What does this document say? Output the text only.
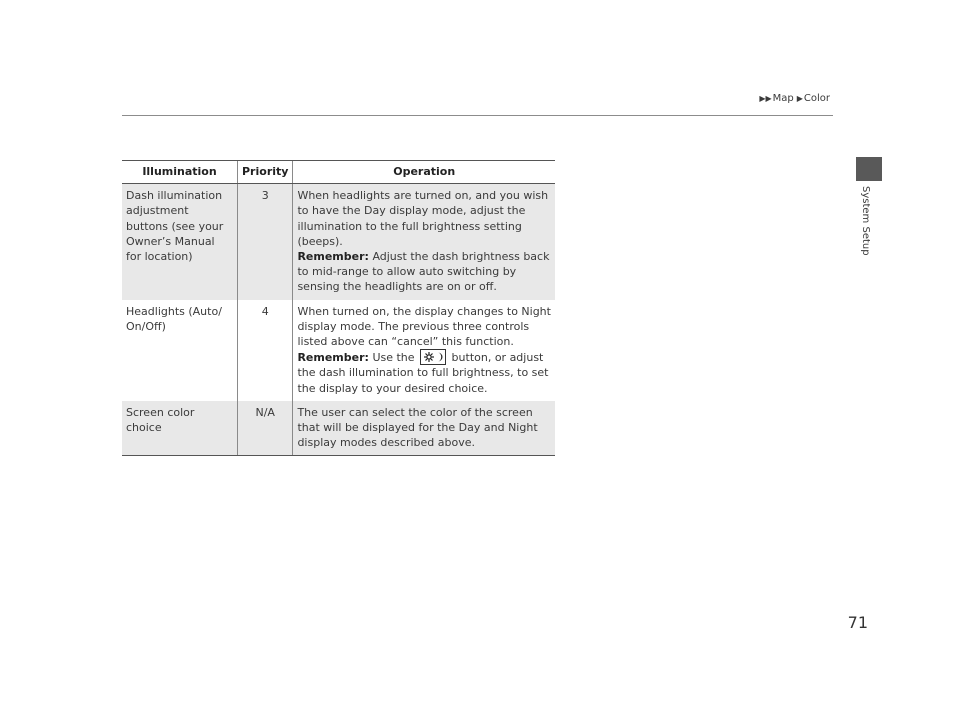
▶▶ Map ▶ Color
System Setup
Illumination	Priority	Operation
Dash illumination adjustment buttons (see your Owner’s Manual for location)	3	When headlights are turned on, and you wish to have the Day display mode, adjust the illumination to the full brightness setting (beeps).
Remember: Adjust the dash brightness back to mid-range to allow auto switching by sensing the headlights are on or off.
Headlights (Auto/ On/Off)	4	When turned on, the display changes to Night display mode. The previous three controls listed above can “cancel” this function.
Remember: Use the button, or adjust the dash illumination to full brightness, to set the display to your desired choice.
Screen color choice	N/A	The user can select the color of the screen that will be displayed for the Day and Night display modes described above.
71
